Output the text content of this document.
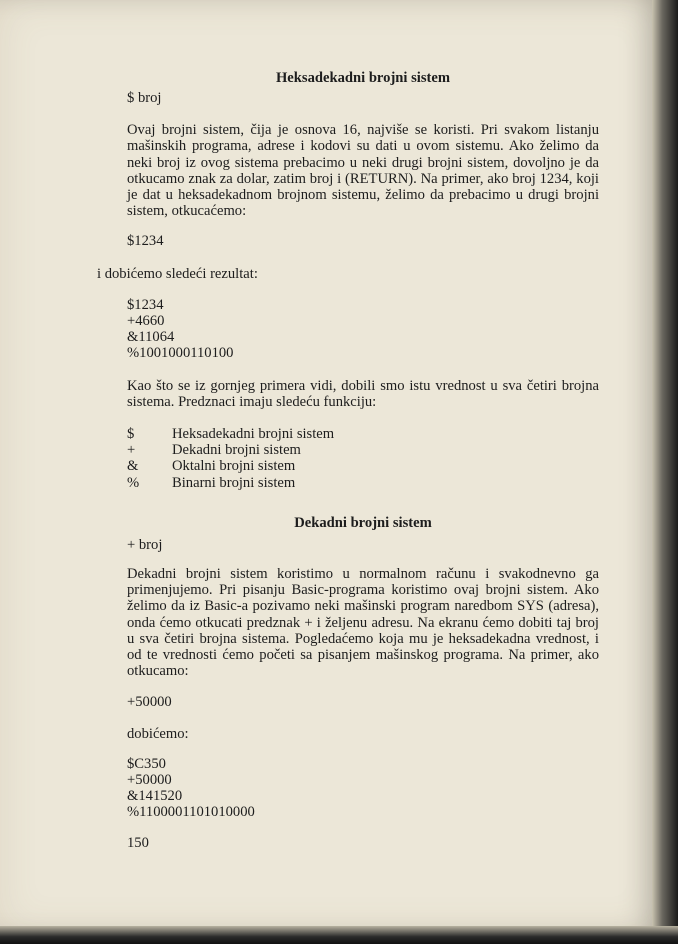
Heksadekadni brojni sistem

$ broj

Ovaj brojni sistem, čija je osnova 16, najviše se koristi. Pri svakom listanju mašinskih programa, adrese i kodovi su dati u ovom sistemu. Ako želimo da neki broj iz ovog sistema prebacimo u neki drugi brojni sistem, dovoljno je da otkucamo znak za dolar, zatim broj i (RETURN). Na primer, ako broj 1234, koji je dat u heksadekadnom brojnom sistemu, želimo da prebacimo u drugi brojni sistem, otkucaćemo:

$1234

i dobićemo sledeći rezultat:

$1234
+4660
&11064
%1001000110100

Kao što se iz gornjeg primera vidi, dobili smo istu vrednost u sva četiri brojna sistema. Predznaci imaju sledeću funkciju:

$	Heksadekadni brojni sistem
+	Dekadni brojni sistem
&	Oktalni brojni sistem
%	Binarni brojni sistem
Dekadni brojni sistem

+ broj

Dekadni brojni sistem koristimo u normalnom računu i svakodnevno ga primenjujemo. Pri pisanju Basic-programa koristimo ovaj brojni sistem. Ako želimo da iz Basic-a pozivamo neki mašinski program naredbom SYS (adresa), onda ćemo otkucati predznak + i željenu adresu. Na ekranu ćemo dobiti taj broj u sva četiri brojna sistema. Pogledaćemo koja mu je heksadekadna vrednost, i od te vrednosti ćemo početi sa pisanjem mašinskog programa. Na primer, ako otkucamo:

+50000

dobićemo:

$C350
+50000
&141520
%1100001101010000
150
